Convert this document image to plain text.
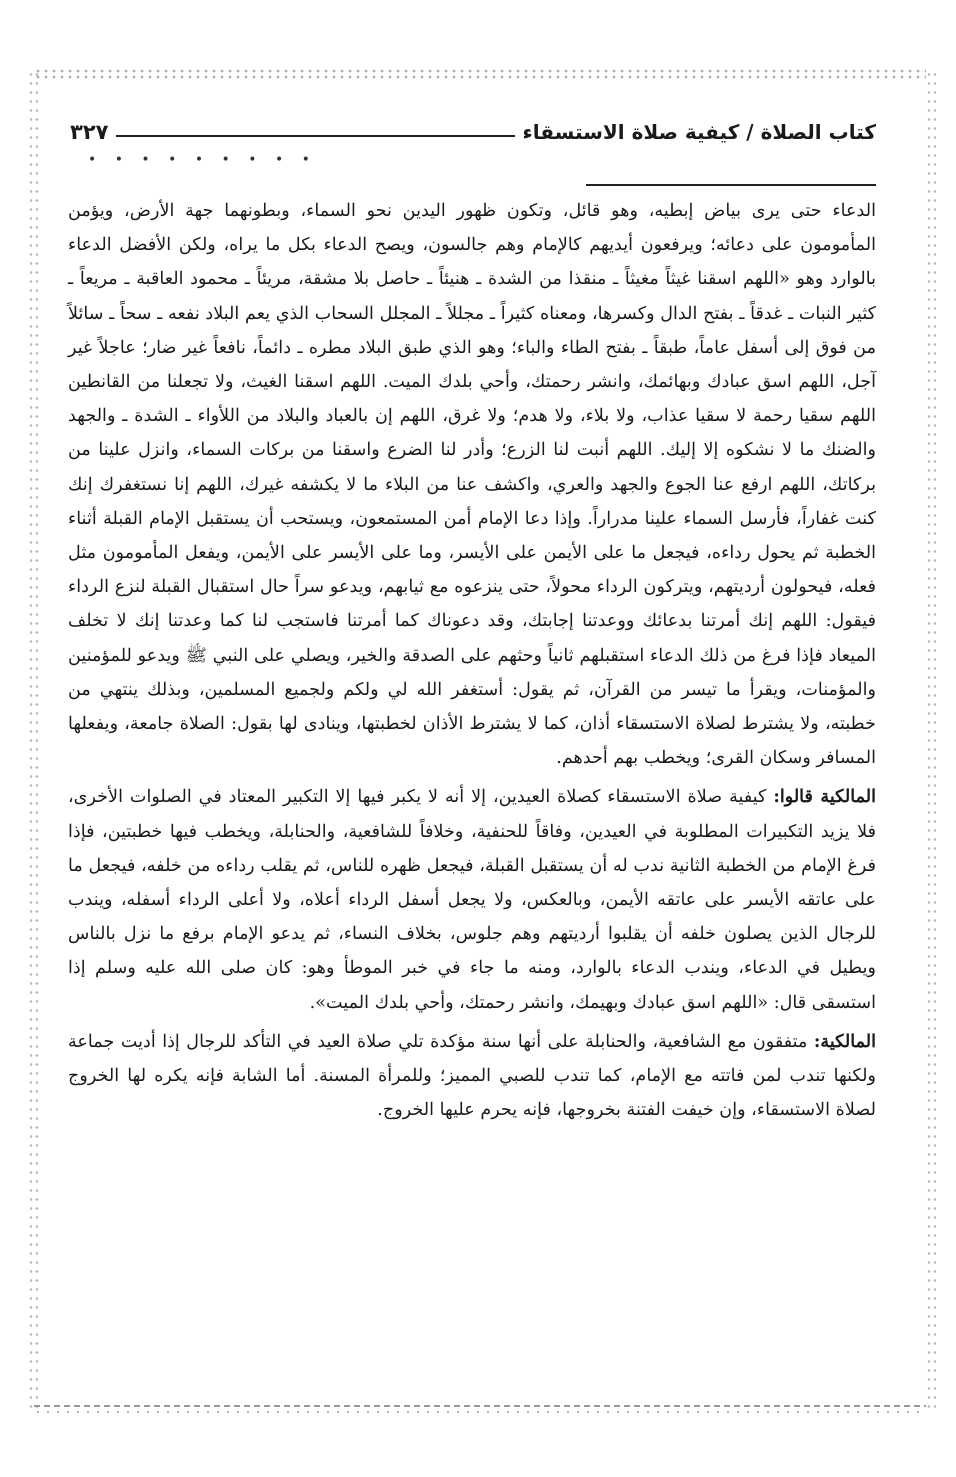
كتاب الصلاة / كيفية صلاة الاستسقاء
٣٢٧
• • • • • • • • •

الدعاء حتى يرى بياض إبطيه، وهو قائل، وتكون ظهور اليدين نحو السماء، وبطونهما جهة الأرض، ويؤمن المأمومون على دعائه؛ ويرفعون أيديهم كالإمام وهم جالسون، ويصح الدعاء بكل ما يراه، ولكن الأفضل الدعاء بالوارد وهو «اللهم اسقنا غيثاً مغيثاً ـ منقذا من الشدة ـ هنيئاً ـ حاصل بلا مشقة، مريئاً ـ محمود العاقبة ـ مريعاً ـ كثير النبات ـ غدقاً ـ بفتح الدال وكسرها، ومعناه كثيراً ـ مجللاً ـ المجلل السحاب الذي يعم البلاد نفعه ـ سحاً ـ سائلاً من فوق إلى أسفل عاماً، طبقاً ـ بفتح الطاء والباء؛ وهو الذي طبق البلاد مطره ـ دائماً، نافعاً غير ضار؛ عاجلاً غير آجل، اللهم اسق عبادك وبهائمك، وانشر رحمتك، وأحي بلدك الميت. اللهم اسقنا الغيث، ولا تجعلنا من القانطين اللهم سقيا رحمة لا سقيا عذاب، ولا بلاء، ولا هدم؛ ولا غرق، اللهم إن بالعباد والبلاد من اللأواء ـ الشدة ـ والجهد والضنك ما لا نشكوه إلا إليك. اللهم أنبت لنا الزرع؛ وأدر لنا الضرع واسقنا من بركات السماء، وانزل علينا من بركاتك، اللهم ارفع عنا الجوع والجهد والعري، واكشف عنا من البلاء ما لا يكشفه غيرك، اللهم إنا نستغفرك إنك كنت غفاراً، فأرسل السماء علينا مدراراً. وإذا دعا الإمام أمن المستمعون، ويستحب أن يستقبل الإمام القبلة أثناء الخطبة ثم يحول رداءه، فيجعل ما على الأيمن على الأيسر، وما على الأيسر على الأيمن، ويفعل المأمومون مثل فعله، فيحولون أرديتهم، ويتركون الرداء محولاً، حتى ينزعوه مع ثيابهم، ويدعو سراً حال استقبال القبلة لنزع الرداء فيقول: اللهم إنك أمرتنا بدعائك ووعدتنا إجابتك، وقد دعوناك كما أمرتنا فاستجب لنا كما وعدتنا إنك لا تخلف الميعاد فإذا فرغ من ذلك الدعاء استقبلهم ثانياً وحثهم على الصدقة والخير، ويصلي على النبي ﷺ ويدعو للمؤمنين والمؤمنات، ويقرأ ما تيسر من القرآن، ثم يقول: أستغفر الله لي ولكم ولجميع المسلمين، وبذلك ينتهي من خطبته، ولا يشترط لصلاة الاستسقاء أذان، كما لا يشترط الأذان لخطبتها، وينادى لها بقول: الصلاة جامعة، ويفعلها المسافر وسكان القرى؛ ويخطب بهم أحدهم.

المالكية قالوا: كيفية صلاة الاستسقاء كصلاة العيدين، إلا أنه لا يكبر فيها إلا التكبير المعتاد في الصلوات الأخرى، فلا يزيد التكبيرات المطلوبة في العيدين، وفاقاً للحنفية، وخلافاً للشافعية، والحنابلة، ويخطب فيها خطبتين، فإذا فرغ الإمام من الخطبة الثانية ندب له أن يستقبل القبلة، فيجعل ظهره للناس، ثم يقلب رداءه من خلفه، فيجعل ما على عاتقه الأيسر على عاتقه الأيمن، وبالعكس، ولا يجعل أسفل الرداء أعلاه، ولا أعلى الرداء أسفله، ويندب للرجال الذين يصلون خلفه أن يقلبوا أرديتهم وهم جلوس، بخلاف النساء، ثم يدعو الإمام برفع ما نزل بالناس ويطيل في الدعاء، ويندب الدعاء بالوارد، ومنه ما جاء في خبر الموطأ وهو: كان صلى الله عليه وسلم إذا استسقى قال: «اللهم اسق عبادك وبهيمك، وانشر رحمتك، وأحي بلدك الميت».

المالكية: متفقون مع الشافعية، والحنابلة على أنها سنة مؤكدة تلي صلاة العيد في التأكد للرجال إذا أديت جماعة ولكنها تندب لمن فاتته مع الإمام، كما تندب للصبي المميز؛ وللمرأة المسنة. أما الشابة فإنه يكره لها الخروج لصلاة الاستسقاء، وإن خيفت الفتنة بخروجها، فإنه يحرم عليها الخروج.
